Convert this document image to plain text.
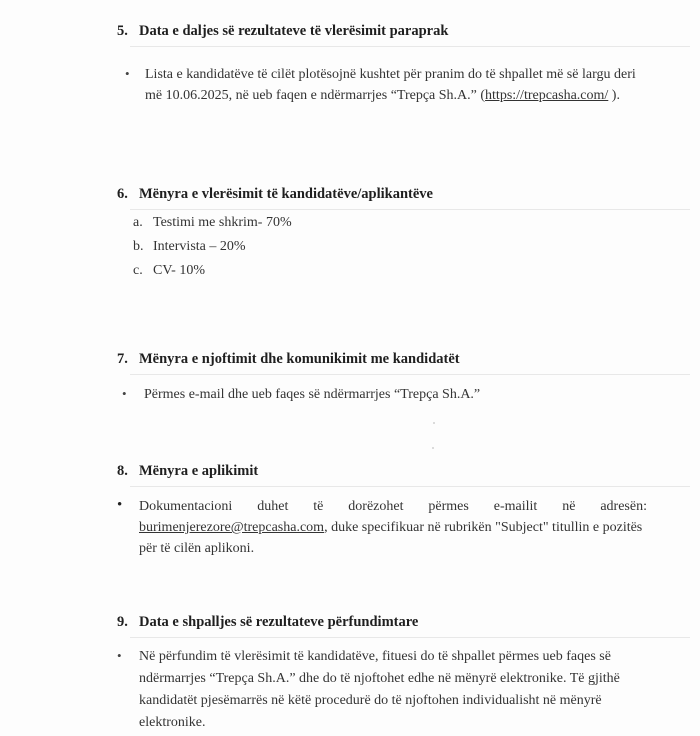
5. Data e daljes së rezultateve të vlerësimit paraprak
• Lista e kandidatëve të cilët plotësojnë kushtet për pranim do të shpallet më së largu deri
më 10.06.2025, në ueb faqen e ndërmarrjes “Trepça Sh.A.” (https://trepcasha.com/ ).
6. Mënyra e vlerësimit të kandidatëve/aplikantëve
a. Testimi me shkrim- 70%
b. Intervista – 20%
c. CV- 10%
7. Mënyra e njoftimit dhe komunikimit me kandidatët
• Përmes e-mail dhe ueb faqes së ndërmarrjes “Trepça Sh.A.”
8. Mënyra e aplikimit
• Dokumentacioni duhet të dorëzohet përmes e-mailit në adresën:
burimenjerezore@trepcasha.com, duke specifikuar në rubrikën "Subject" titullin e pozitës
për të cilën aplikoni.
9. Data e shpalljes së rezultateve përfundimtare
• Në përfundim të vlerësimit të kandidatëve, fituesi do të shpallet përmes ueb faqes së
ndërmarrjes “Trepça Sh.A.” dhe do të njoftohet edhe në mënyrë elektronike. Të gjithë
kandidatët pjesëmarrës në këtë procedurë do të njoftohen individualisht në mënyrë
elektronike.
